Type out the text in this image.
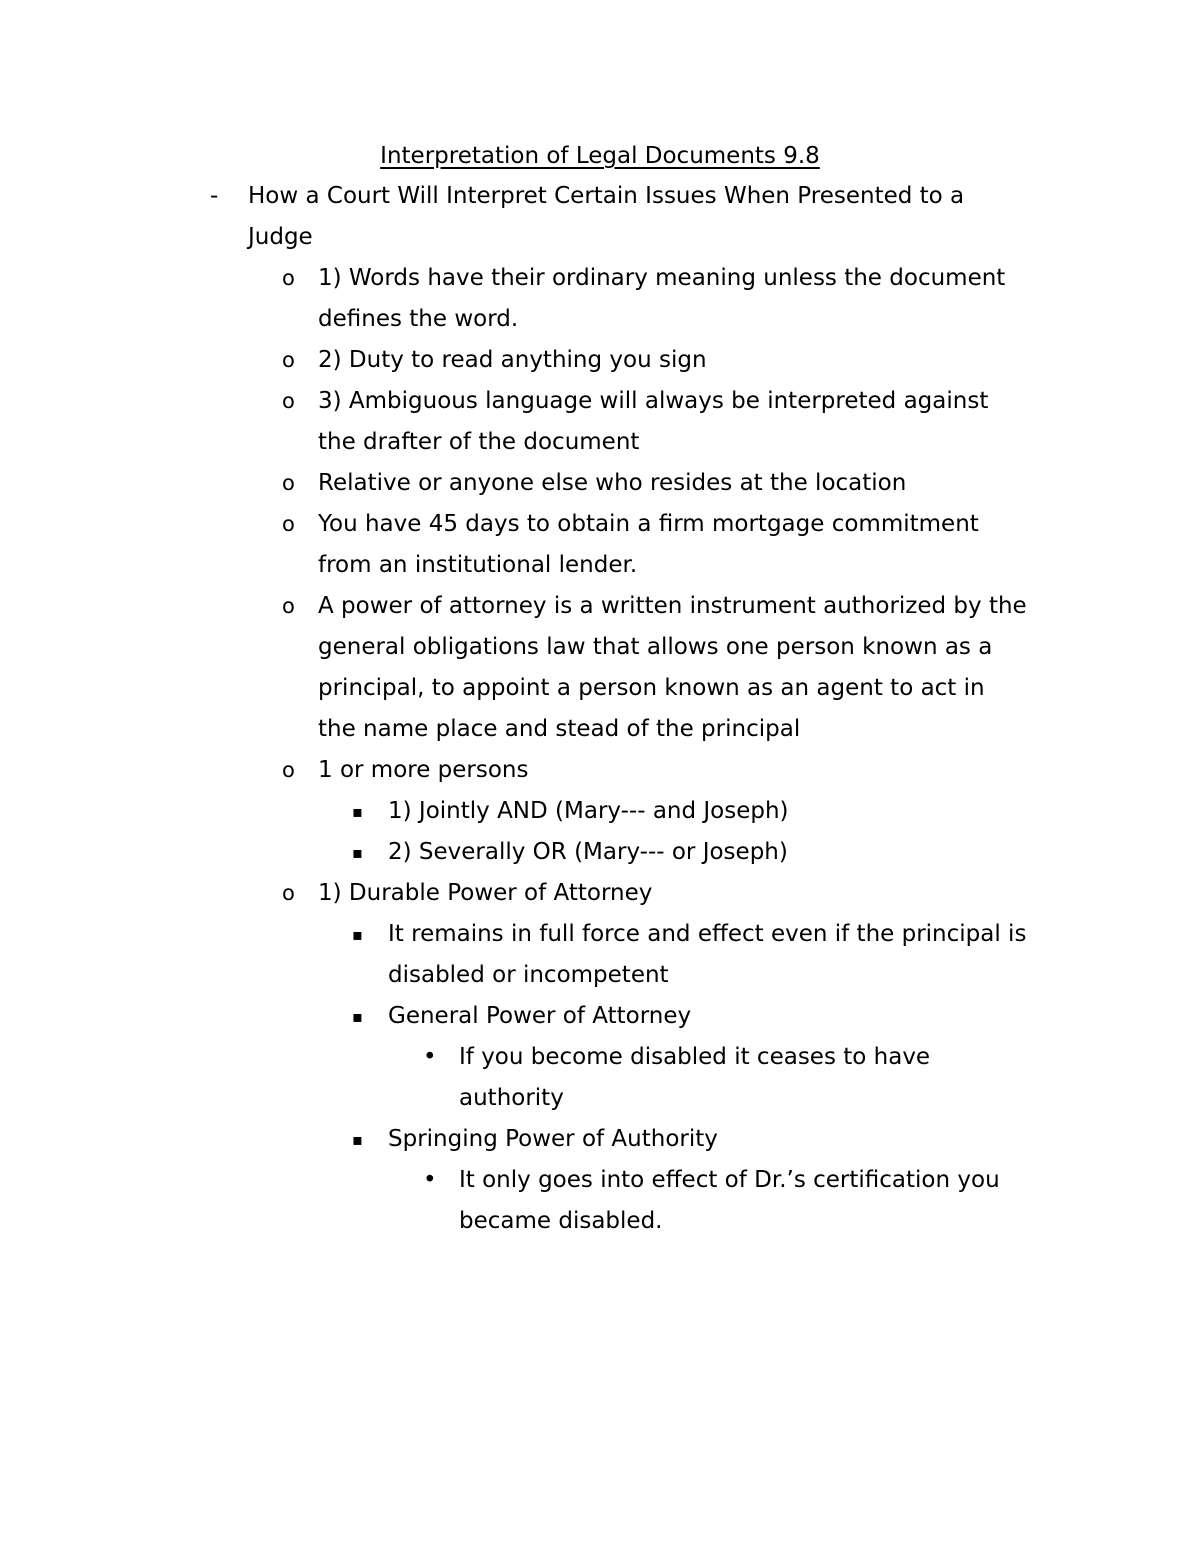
Interpretation of Legal Documents 9.8
- How a Court Will Interpret Certain Issues When Presented to a Judge
o 1) Words have their ordinary meaning unless the document defines the word.
o 2) Duty to read anything you sign
o 3) Ambiguous language will always be interpreted against the drafter of the document
o Relative or anyone else who resides at the location
o You have 45 days to obtain a firm mortgage commitment from an institutional lender.
o A power of attorney is a written instrument authorized by the general obligations law that allows one person known as a principal, to appoint a person known as an agent to act in the name place and stead of the principal
o 1 or more persons
▪ 1) Jointly AND (Mary--- and Joseph)
▪ 2) Severally OR (Mary--- or Joseph)
o 1) Durable Power of Attorney
▪ It remains in full force and effect even if the principal is disabled or incompetent
▪ General Power of Attorney
• If you become disabled it ceases to have authority
▪ Springing Power of Authority
• It only goes into effect of Dr.’s certification you became disabled.
